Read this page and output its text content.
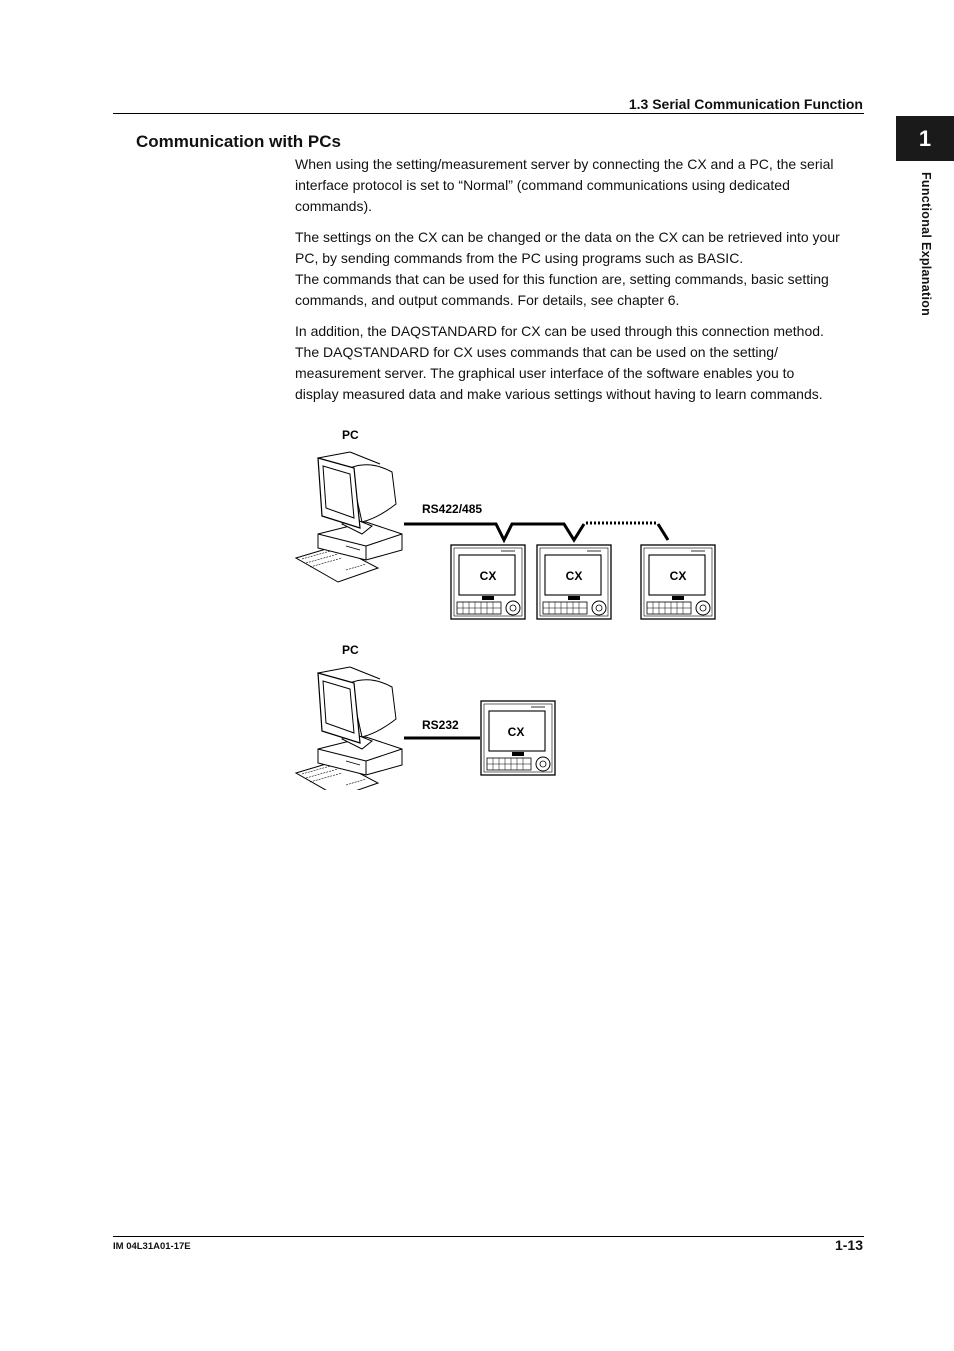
1.3 Serial Communication Function
1
Functional Explanation
Communication with PCs

When using the setting/measurement server by connecting the CX and a PC, the serial
interface protocol is set to “Normal” (command communications using dedicated
commands).

The settings on the CX can be changed or the data on the CX can be retrieved into your
PC, by sending commands from the PC using programs such as BASIC.
The commands that can be used for this function are, setting commands, basic setting
commands, and output commands. For details, see chapter 6.

In addition, the DAQSTANDARD for CX can be used through this connection method.
The DAQSTANDARD for CX uses commands that can be used on the setting/
measurement server. The graphical user interface of the software enables you to
display measured data and make various settings without having to learn commands.

PC
RS422/485
CX	CX	CX
PC
RS232	CX
IM 04L31A01-17E	1-13
